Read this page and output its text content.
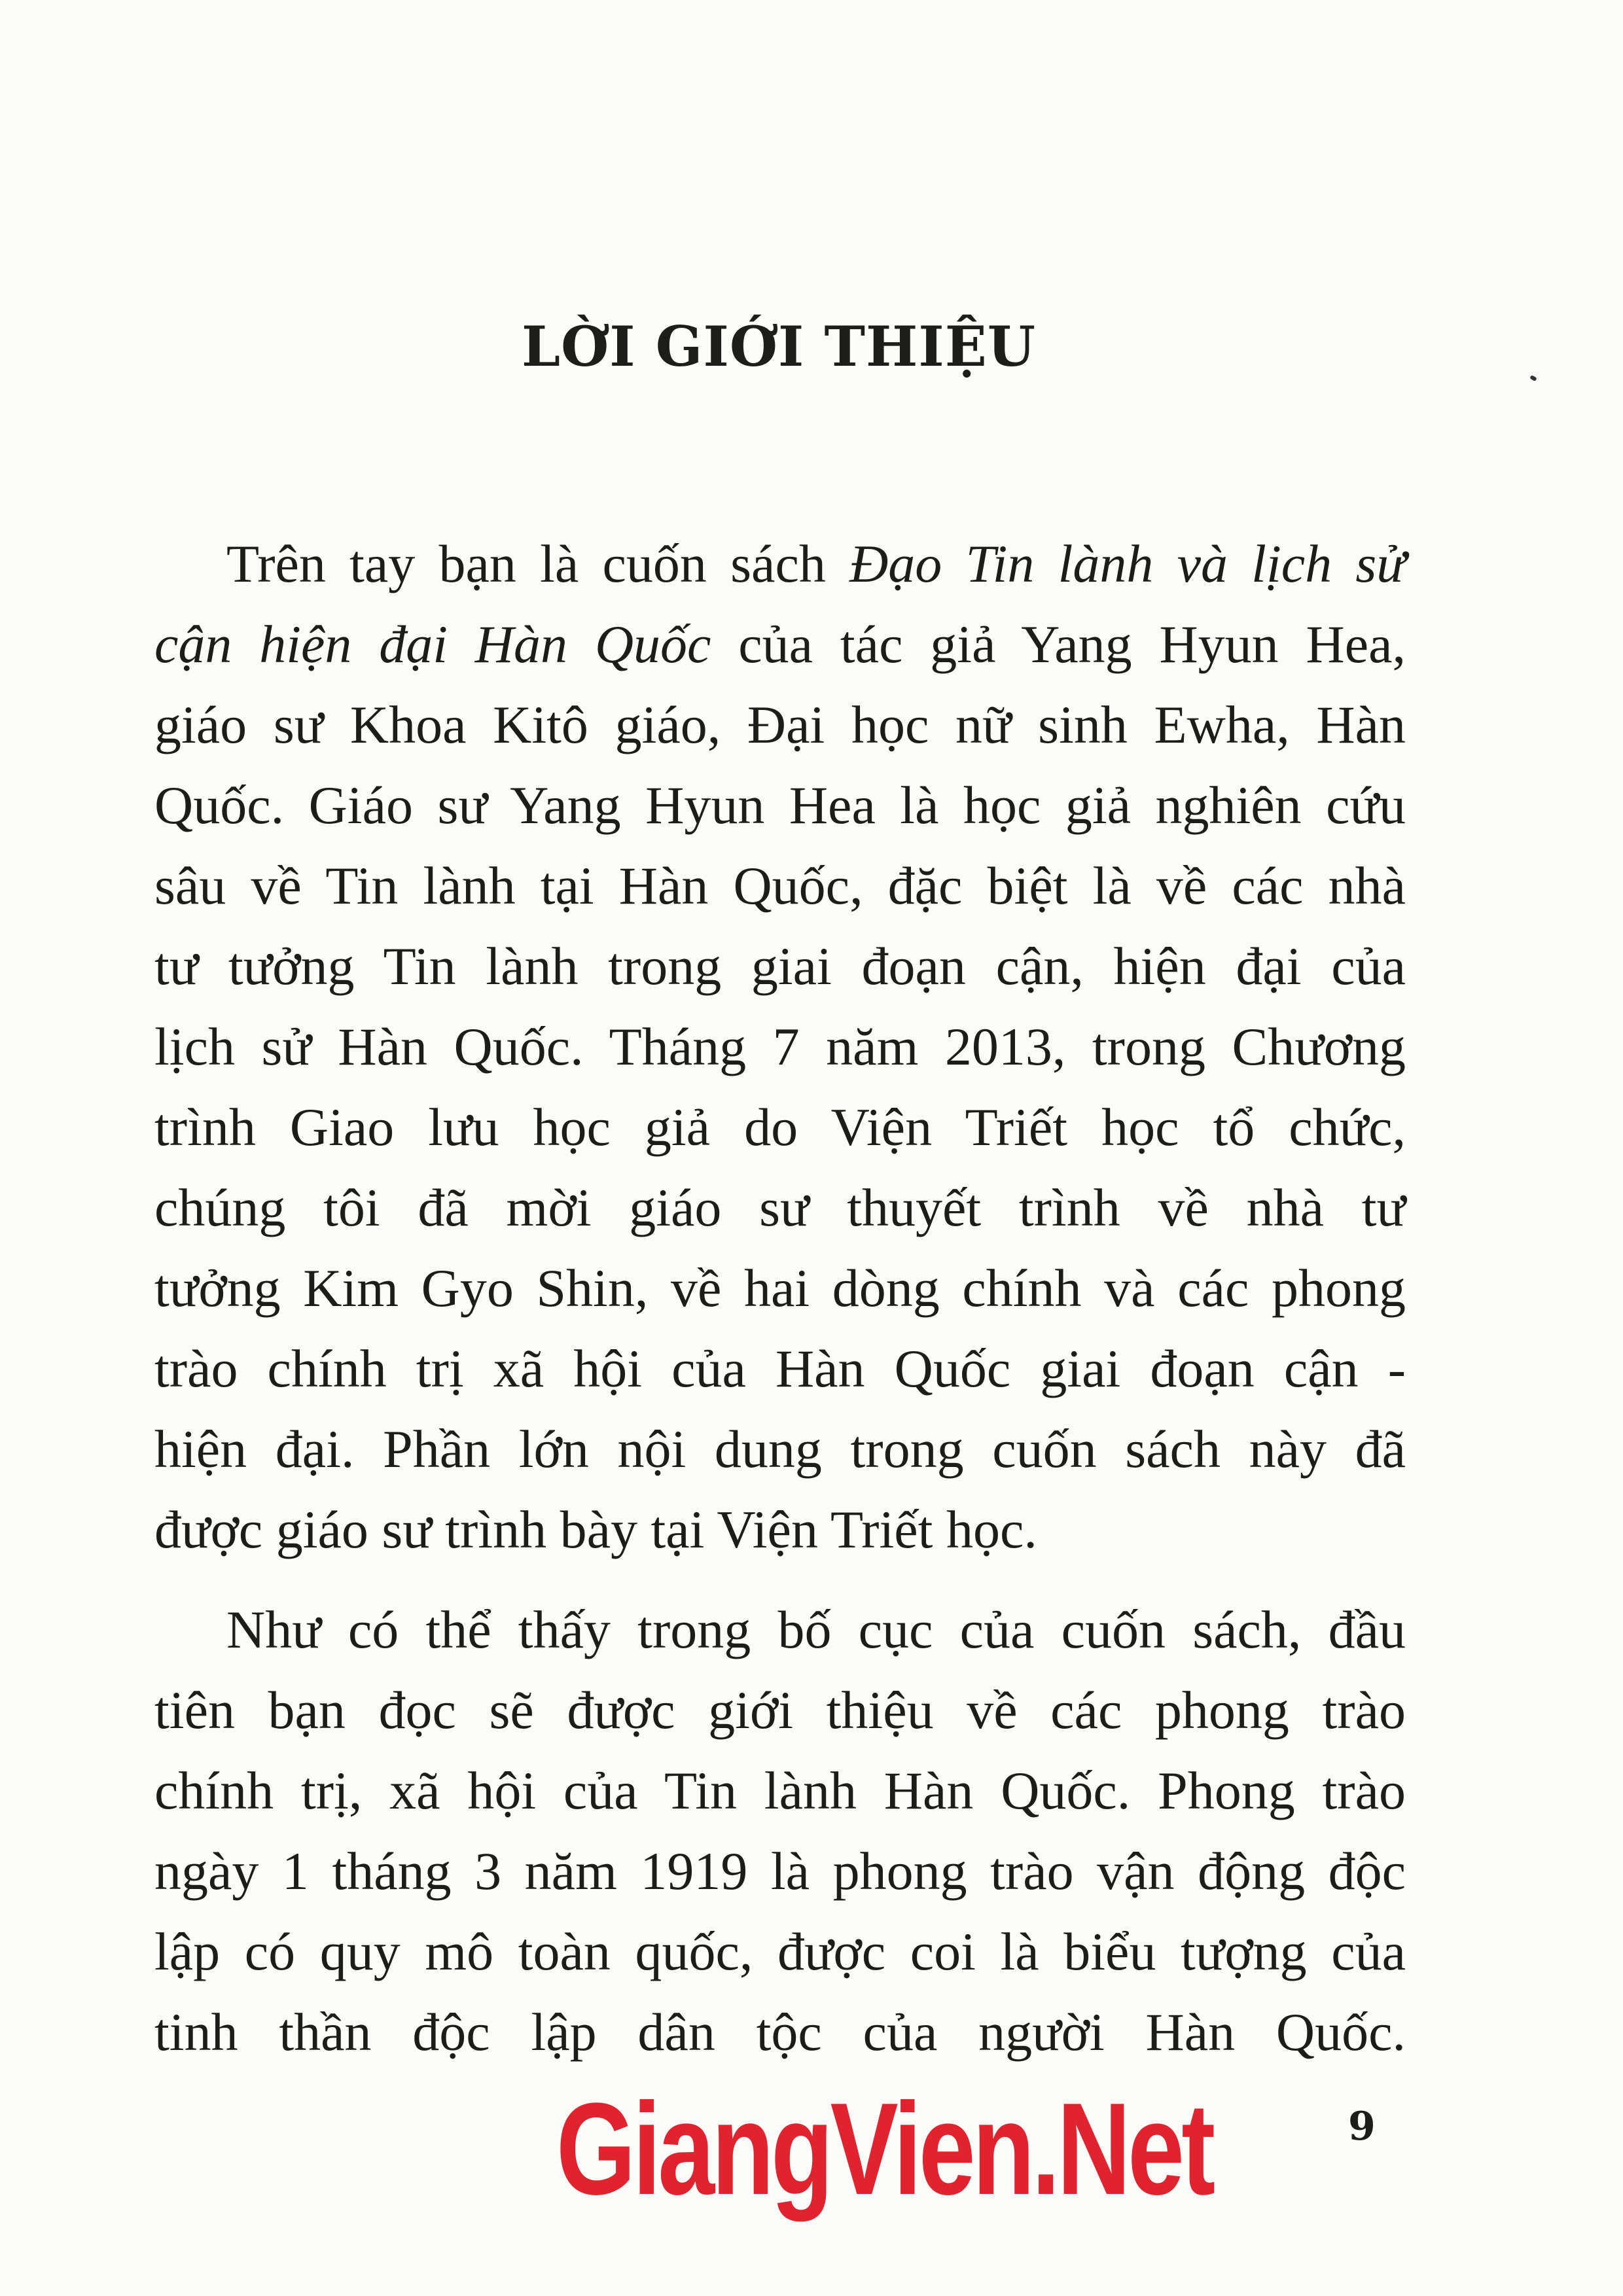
LỜI GIỚI THIỆU
Trên tay bạn là cuốn sách Đạo Tin lành và lịch sử
cận hiện đại Hàn Quốc của tác giả Yang Hyun Hea,
giáo sư Khoa Kitô giáo, Đại học nữ sinh Ewha, Hàn
Quốc. Giáo sư Yang Hyun Hea là học giả nghiên cứu
sâu về Tin lành tại Hàn Quốc, đặc biệt là về các nhà
tư tưởng Tin lành trong giai đoạn cận, hiện đại của
lịch sử Hàn Quốc. Tháng 7 năm 2013, trong Chương
trình Giao lưu học giả do Viện Triết học tổ chức,
chúng tôi đã mời giáo sư thuyết trình về nhà tư
tưởng Kim Gyo Shin, về hai dòng chính và các phong
trào chính trị xã hội của Hàn Quốc giai đoạn cận -
hiện đại. Phần lớn nội dung trong cuốn sách này đã
được giáo sư trình bày tại Viện Triết học.
Như có thể thấy trong bố cục của cuốn sách, đầu
tiên bạn đọc sẽ được giới thiệu về các phong trào
chính trị, xã hội của Tin lành Hàn Quốc. Phong trào
ngày 1 tháng 3 năm 1919 là phong trào vận động độc
lập có quy mô toàn quốc, được coi là biểu tượng của
tinh thần độc lập dân tộc của người Hàn Quốc.
GiangVien.Net	9
